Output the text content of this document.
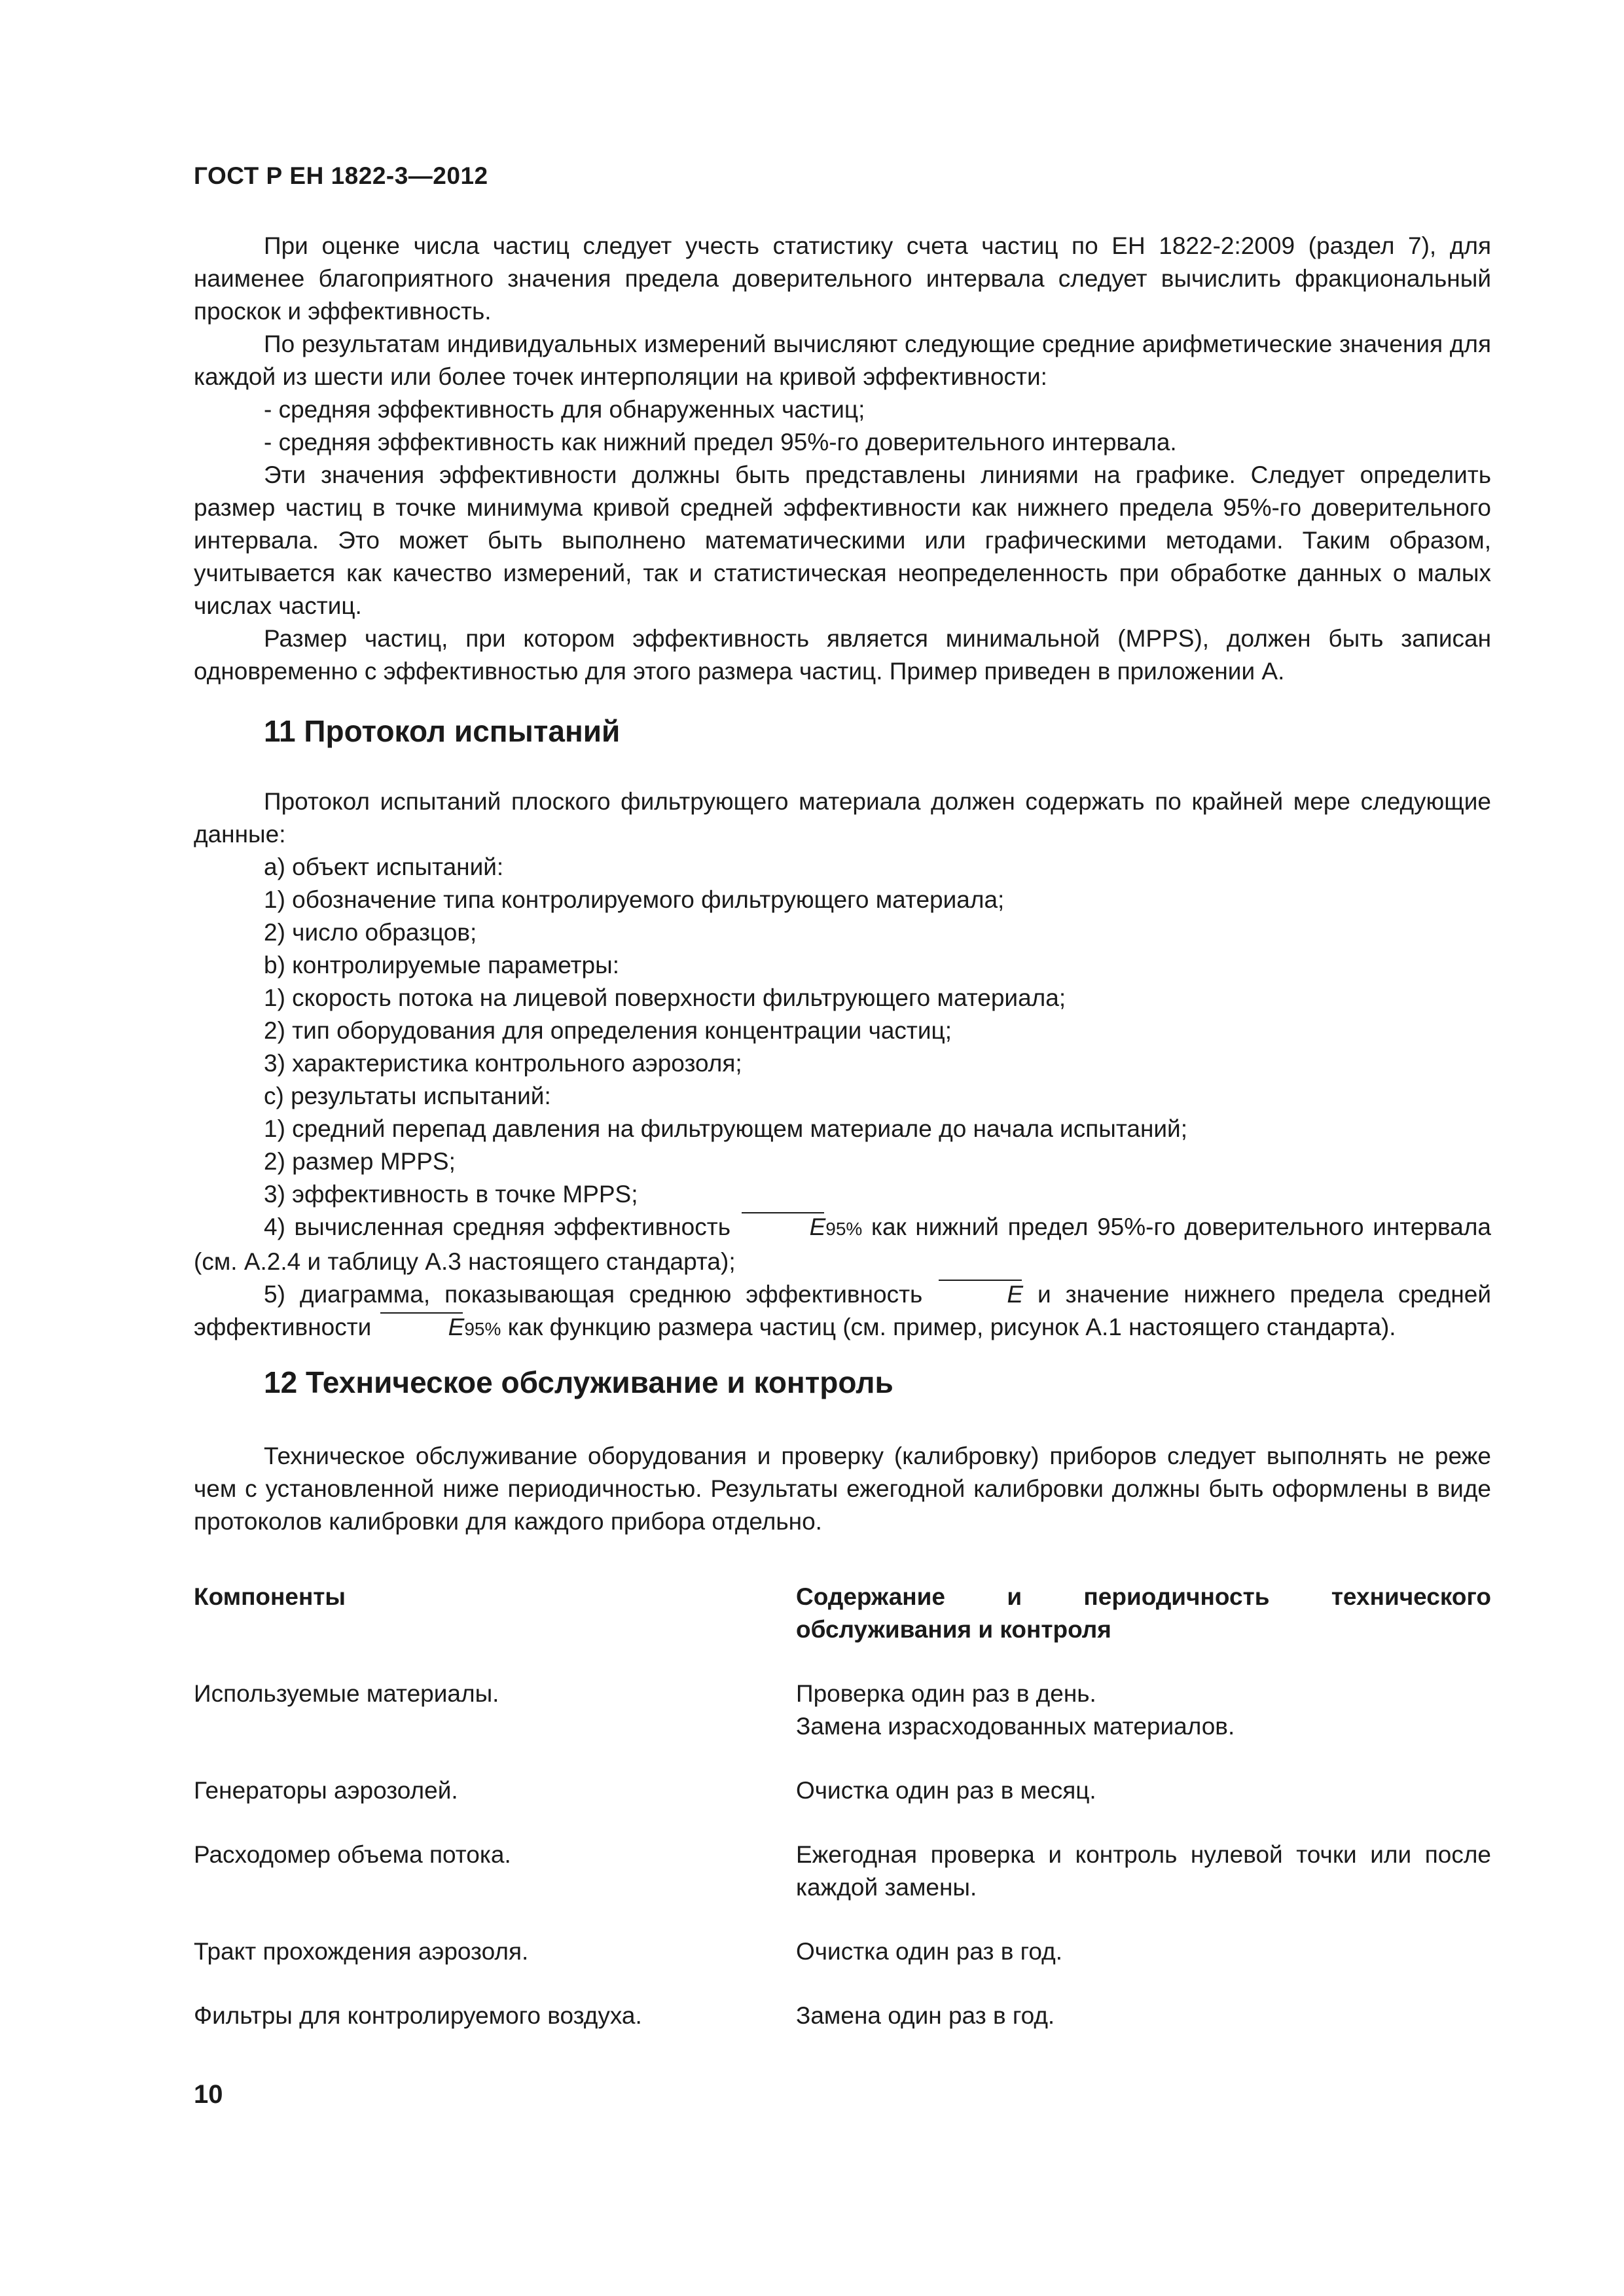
ГОСТ Р ЕН 1822-3—2012

При оценке числа частиц следует учесть статистику счета частиц по ЕН 1822-2:2009 (раздел 7), для наименее благоприятного значения предела доверительного интервала следует вычислить фракциональный проскок и эффективность.

По результатам индивидуальных измерений вычисляют следующие средние арифметические значения для каждой из шести или более точек интерполяции на кривой эффективности:

- средняя эффективность для обнаруженных частиц;

- средняя эффективность как нижний предел 95%-го доверительного интервала.

Эти значения эффективности должны быть представлены линиями на графике. Следует определить размер частиц в точке минимума кривой средней эффективности как нижнего предела 95%-го доверительного интервала. Это может быть выполнено математическими или графическими методами. Таким образом, учитывается как качество измерений, так и статистическая неопределенность при обработке данных о малых числах частиц.

Размер частиц, при котором эффективность является минимальной (MPPS), должен быть записан одновременно с эффективностью для этого размера частиц. Пример приведен в приложении А.

11 Протокол испытаний

Протокол испытаний плоского фильтрующего материала должен содержать по крайней мере следующие данные:

а) объект испытаний:

1) обозначение типа контролируемого фильтрующего материала;

2) число образцов;

b) контролируемые параметры:

1) скорость потока на лицевой поверхности фильтрующего материала;

2) тип оборудования для определения концентрации частиц;

3) характеристика контрольного аэрозоля;

c) результаты испытаний:

1) средний перепад давления на фильтрующем материале до начала испытаний;

2) размер MPPS;

3) эффективность в точке MPPS;

4) вычисленная средняя эффективность	E95% как нижний предел 95%-го доверительного интервала (см. А.2.4 и таблицу А.3 настоящего стандарта);

5) диаграмма, показывающая среднюю эффективность	E и значение нижнего предела средней эффективности	E95% как функцию размера частиц (см. пример, рисунок А.1 настоящего стандарта).

12 Техническое обслуживание и контроль

Техническое обслуживание оборудования и проверку (калибровку) приборов следует выполнять не реже чем с установленной ниже периодичностью. Результаты ежегодной калибровки должны быть оформлены в виде протоколов калибровки для каждого прибора отдельно.

Компоненты	Содержание и периодичность технического обслуживания и контроля
Используемые материалы.	Проверка один раз в день.
Замена израсходованных материалов.

Генераторы аэрозолей.	Очистка один раз в месяц.
Расходомер объема потока.	Ежегодная проверка и контроль нулевой точки или после каждой замены.
Тракт прохождения аэрозоля.	Очистка один раз в год.
Фильтры для контролируемого воздуха.	Замена один раз в год.
10
